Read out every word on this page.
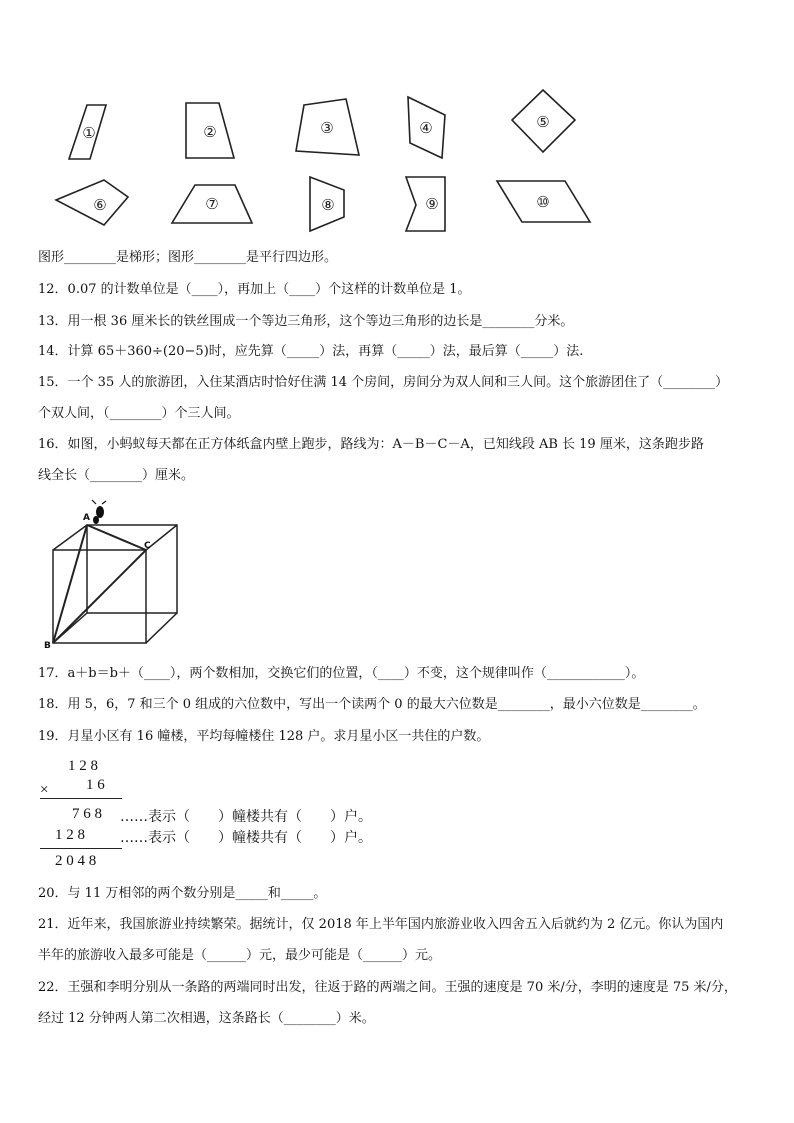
①	②	③	④	⑤
⑥	⑦	⑧	⑨	⑩
图形________是梯形；图形________是平行四边形。
12．0.07 的计数单位是（____），再加上（____）个这样的计数单位是 1。
13．用一根 36 厘米长的铁丝围成一个等边三角形，这个等边三角形的边长是________分米。
14．计算 65＋360÷(20−5)时，应先算（_____）法，再算（_____）法，最后算（_____）法.
15．一个 35 人的旅游团，入住某酒店时恰好住满 14 个房间，房间分为双人间和三人间。这个旅游团住了（________）
个双人间，（________）个三人间。
16．如图，小蚂蚁每天都在正方体纸盒内壁上跑步，路线为：A－B－C－A，已知线段 AB 长 19 厘米，这条跑步路
线全长（________）厘米。
A
B
C
17．a＋b＝b＋（____），两个数相加，交换它们的位置，（____）不变，这个规律叫作（____________）。
18．用 5，6，7 和三个 0 组成的六位数中，写出一个读两个 0 的最大六位数是________，最小六位数是________。
19．月星小区有 16 幢楼，平均每幢楼住 128 户。求月星小区一共住的户数。
1 2 8
1 6
×
7 6 8 ……表示（　　）幢楼共有（　　）户。
1 2 8	……表示（　　）幢楼共有（　　）户。
2 0 4 8
20．与 11 万相邻的两个数分别是_____和_____。
21．近年来，我国旅游业持续繁荣。据统计，仅 2018 年上半年国内旅游业收入四舍五入后就约为 2 亿元。你认为国内
半年的旅游收入最多可能是（______）元，最少可能是（______）元。
22．王强和李明分别从一条路的两端同时出发，往返于路的两端之间。王强的速度是 70 米/分，李明的速度是 75 米/分，
经过 12 分钟两人第二次相遇，这条路长（________）米。
